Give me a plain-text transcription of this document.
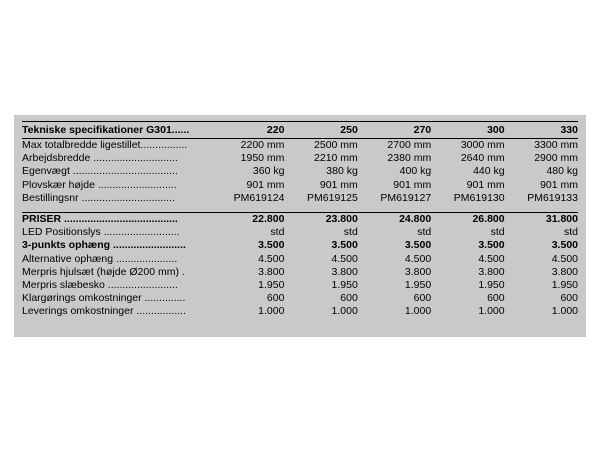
Tekniske specifikationer G301......	220	250	270	300	330
Max totalbredde ligestillet................	2200 mm	2500 mm	2700 mm	3000 mm	3300 mm
Arbejdsbredde .............................	1950 mm	2210 mm	2380 mm	2640 mm	2900 mm
Egenvægt ....................................	360 kg	380 kg	400 kg	440 kg	480 kg
Plovskær højde ...........................	901 mm	901 mm	901 mm	901 mm	901 mm
Bestillingsnr ................................	PM619124	PM619125	PM619127	PM619130	PM619133

PRISER .......................................	22.800	23.800	24.800	26.800	31.800
LED Positionslys ..........................	std	std	std	std	std
3-punkts ophæng .........................	3.500	3.500	3.500	3.500	3.500
Alternative ophæng .....................	4.500	4.500	4.500	4.500	4.500
Merpris hjulsæt (højde Ø200 mm) .	3.800	3.800	3.800	3.800	3.800
Merpris slæbesko ........................	1.950	1.950	1.950	1.950	1.950
Klargørings omkostninger ..............	600	600	600	600	600
Leverings omkostninger .................	1.000	1.000	1.000	1.000	1.000
